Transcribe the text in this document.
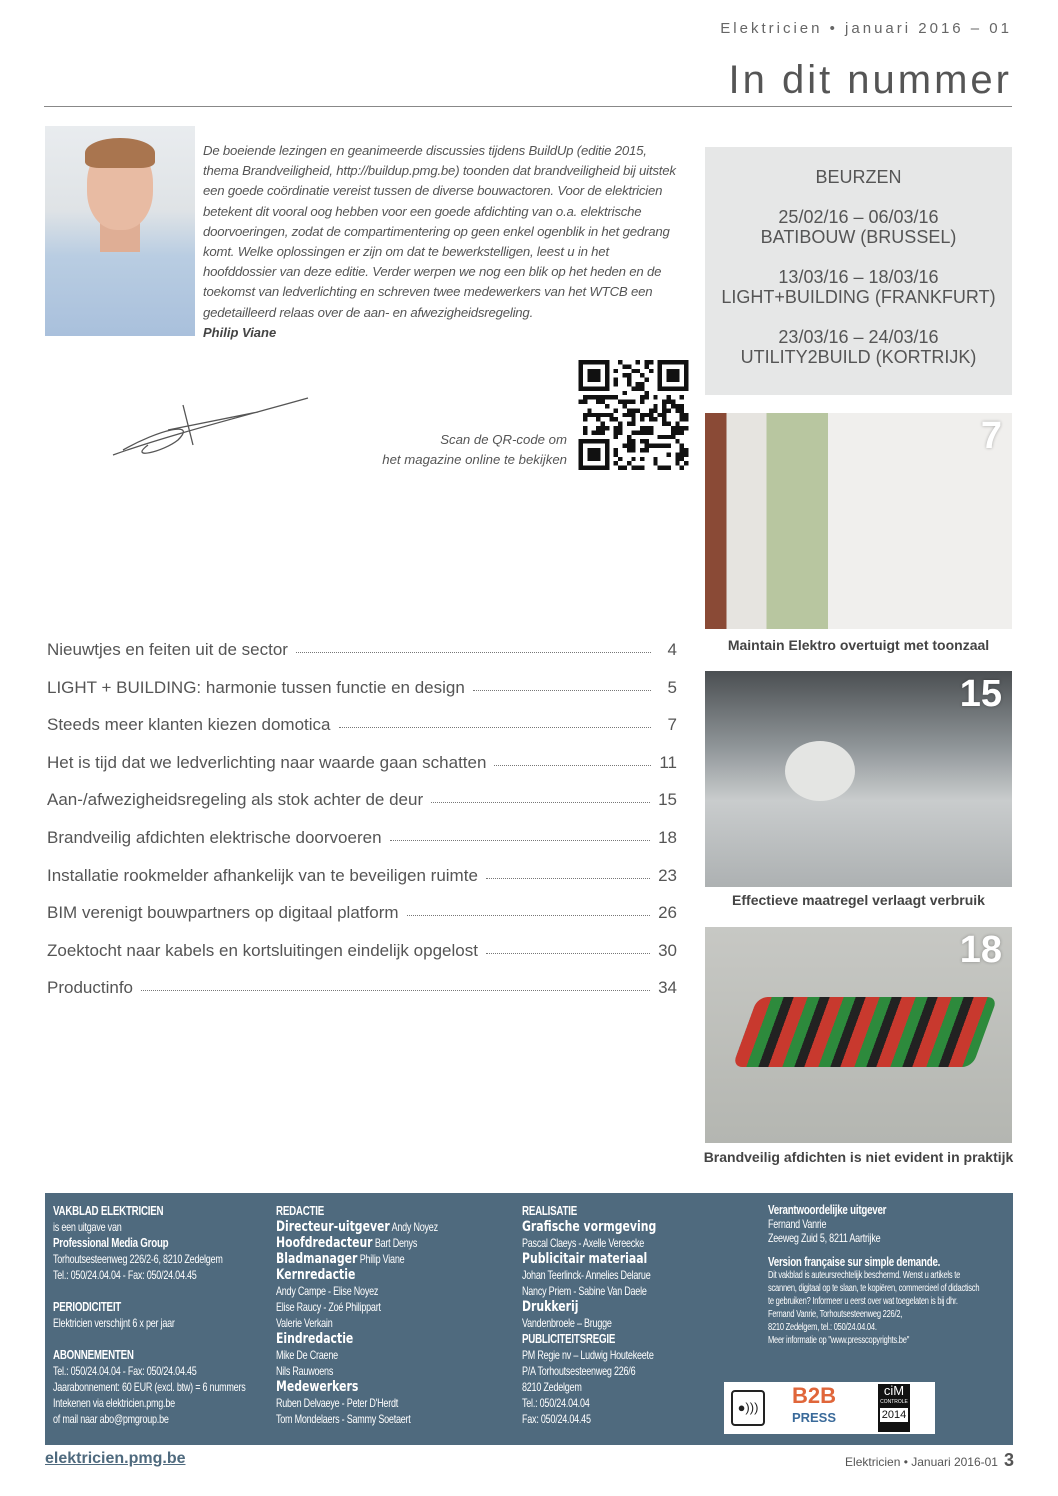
Elektricien • januari 2016 – 01
In dit nummer

De boeiende lezingen en geanimeerde discussies tijdens BuildUp (editie 2015, thema Brandveiligheid, http://buildup.pmg.be) toonden dat brandveiligheid bij uitstek een goede coördinatie vereist tussen de diverse bouwactoren. Voor de elektricien betekent dit vooral oog hebben voor een goede afdichting van o.a. elektrische doorvoeringen, zodat de compartimentering op geen enkel ogenblik in het gedrang komt. Welke oplossingen er zijn om dat te bewerkstelligen, leest u in het hoofddossier van deze editie. Verder werpen we nog een blik op het heden en de toekomst van ledverlichting en schreven twee medewerkers van het WTCB een gedetailleerd relaas over de aan- en afwezigheidsregeling.

Philip Viane
Scan de QR-code om
het magazine online te bekijken
BEURZEN
25/02/16 – 06/03/16
BATIBOUW (BRUSSEL)
13/03/16 – 18/03/16
LIGHT+BUILDING (FRANKFURT)
23/03/16 – 24/03/16
UTILITY2BUILD (KORTRIJK)
7
Maintain Elektro overtuigt met toonzaal
15
Effectieve maatregel verlaagt verbruik
18
Brandveilig afdichten is niet evident in praktijk
Nieuwtjes en feiten uit de sector	4
LIGHT + BUILDING: harmonie tussen functie en design	5
Steeds meer klanten kiezen domotica	7
Het is tijd dat we ledverlichting naar waarde gaan schatten	11
Aan-/afwezigheidsregeling als stok achter de deur	15
Brandveilig afdichten elektrische doorvoeren	18
Installatie rookmelder afhankelijk van te beveiligen ruimte	23
BIM verenigt bouwpartners op digitaal platform	26
Zoektocht naar kabels en kortsluitingen eindelijk opgelost	30
Productinfo	34
VAKBLAD ELEKTRICIEN
is een uitgave van
Professional Media Group
Torhoutsesteenweg 226/2-6, 8210 Zedelgem
Tel.: 050/24.04.04 - Fax: 050/24.04.45
PERIODICITEIT
Elektricien verschijnt 6 x per jaar
ABONNEMENTEN
Tel.: 050/24.04.04 - Fax: 050/24.04.45
Jaarabonnement: 60 EUR (excl. btw) = 6 nummers
Intekenen via elektricien.pmg.be
of mail naar abo@pmgroup.be
REDACTIE
Directeur-uitgever Andy Noyez
Hoofdredacteur Bart Denys
Bladmanager Philip Viane
Kernredactie
Andy Campe - Elise Noyez
Elise Raucy - Zoé Philippart
Valerie Verkain
Eindredactie
Mike De Craene
Nils Rauwoens
Medewerkers
Ruben Delvaeye - Peter D'Herdt
Tom Mondelaers - Sammy Soetaert
REALISATIE
Grafische vormgeving
Pascal Claeys - Axelle Vereecke
Publicitair materiaal
Johan Teerlinck- Annelies Delarue
Nancy Priem - Sabine Van Daele
Drukkerij
Vandenbroele – Brugge
PUBLICITEITSREGIE
PM Regie nv – Ludwig Houtekeete
P/A Torhoutsesteenweg 226/6
8210 Zedelgem
Tel.: 050/24.04.04
Fax: 050/24.04.45
Verantwoordelijke uitgever
Fernand Vanrie
Zeeweg Zuid 5, 8211 Aartrijke
Version française sur simple demande.
Dit vakblad is auteursrechtelijk beschermd. Wenst u artikels te
scannen, digitaal op te slaan, te kopiëren, commercieel of didactisch
te gebruiken? Informeer u eerst over wat toegelaten is bij dhr.
Fernand Vanrie, Torhoutsesteenweg 226/2,
8210 Zedelgem, tel.: 050/24.04.04.
Meer informatie op "www.presscopyrights.be"
●)))	B2B
PRESS
ciM
CONTROLE
2014
elektricien.pmg.be	Elektricien • Januari 2016-01 3
